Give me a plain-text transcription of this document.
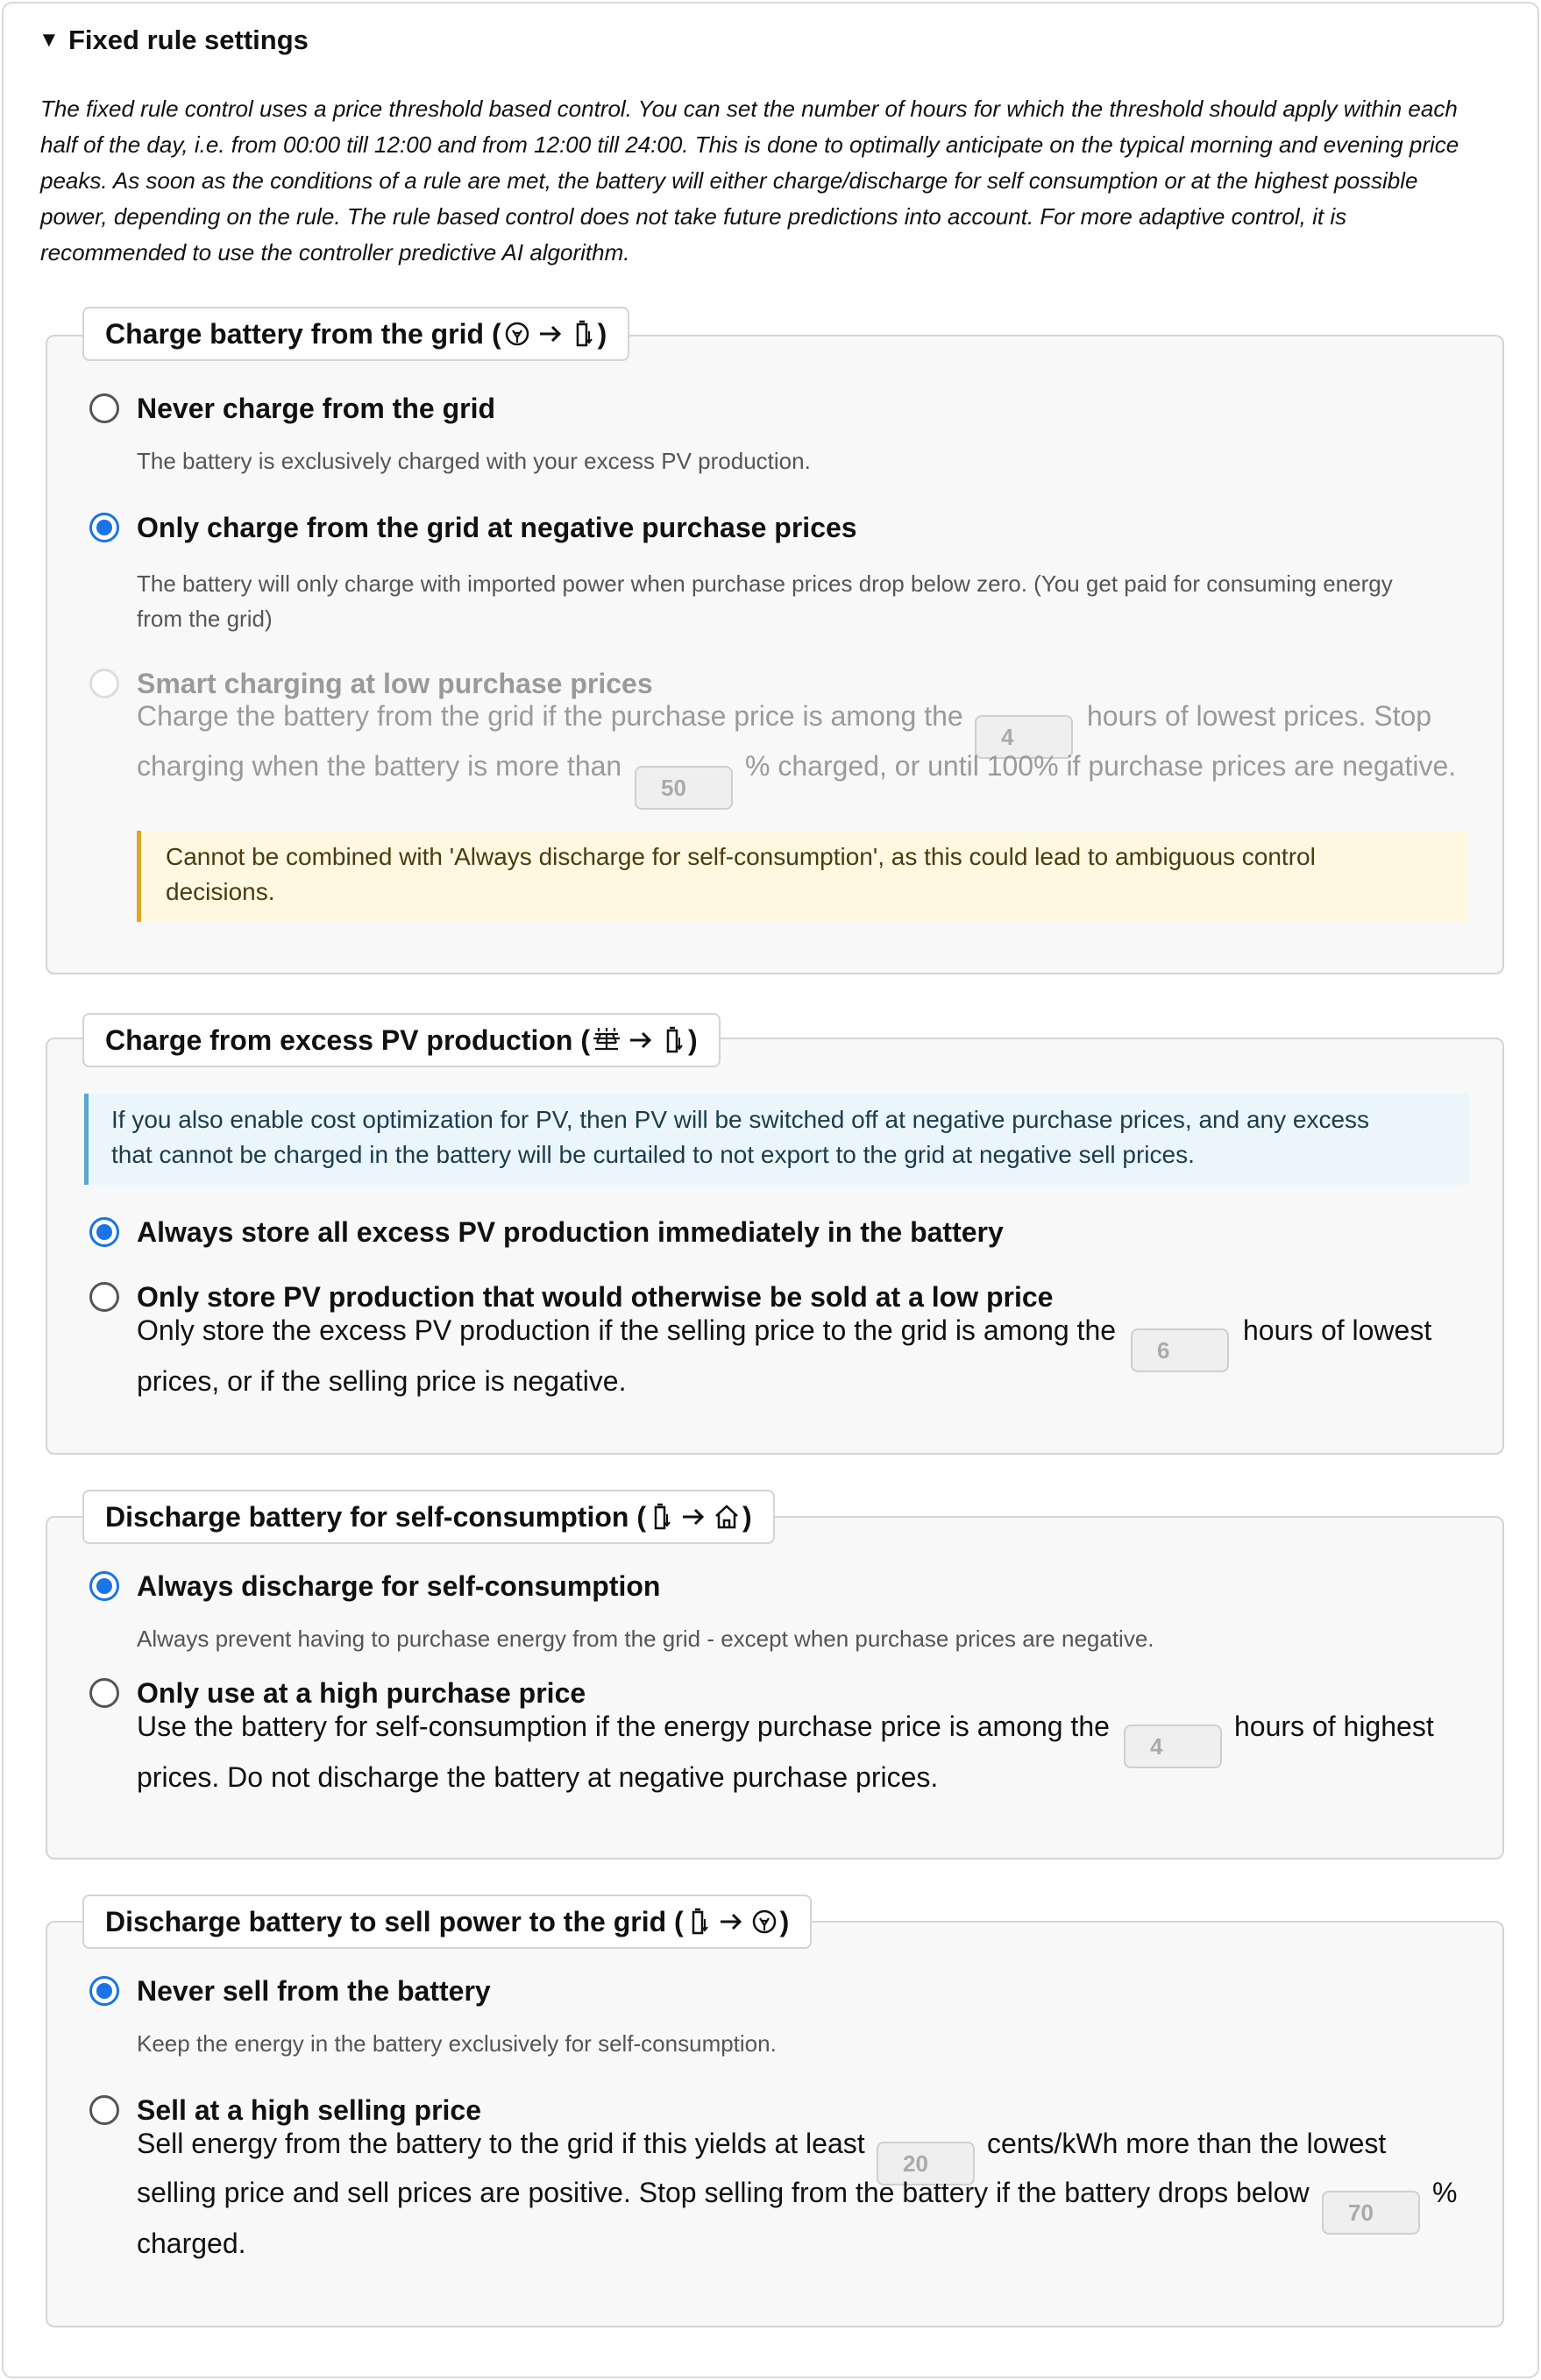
▼ Fixed rule settings

The fixed rule control uses a price threshold based control. You can set the number of hours for which the threshold should apply within each half of the day, i.e. from 00:00 till 12:00 and from 12:00 till 24:00. This is done to optimally anticipate on the typical morning and evening price peaks. As soon as the conditions of a rule are met, the battery will either charge/discharge for self consumption or at the highest possible power, depending on the rule. The rule based control does not take future predictions into account. For more adaptive control, it is recommended to use the controller predictive AI algorithm.

Charge battery from the grid (	)
Never charge from the grid
The battery is exclusively charged with your excess PV production.
Only charge from the grid at negative purchase prices
The battery will only charge with imported power when purchase prices drop below zero. (You get paid for consuming energy
from the grid)
Smart charging at low purchase prices
Charge the battery from the grid if the purchase price is among the
4	hours of lowest prices. Stop
charging when the battery is more than
50	% charged, or until 100% if purchase prices are negative.
Cannot be combined with 'Always discharge for self-consumption', as this could lead to ambiguous control
decisions.
Charge from excess PV production (	)
If you also enable cost optimization for PV, then PV will be switched off at negative purchase prices, and any excess
that cannot be charged in the battery will be curtailed to not export to the grid at negative sell prices.
Always store all excess PV production immediately in the battery
Only store PV production that would otherwise be sold at a low price
Only store the excess PV production if the selling price to the grid is among the
6	hours of lowest
prices, or if the selling price is negative.
Discharge battery for self-consumption (	)
Always discharge for self-consumption
Always prevent having to purchase energy from the grid - except when purchase prices are negative.
Only use at a high purchase price
Use the battery for self-consumption if the energy purchase price is among the
4	hours of highest
prices. Do not discharge the battery at negative purchase prices.
Discharge battery to sell power to the grid (	)
Never sell from the battery
Keep the energy in the battery exclusively for self-consumption.
Sell at a high selling price
Sell energy from the battery to the grid if this yields at least
20	cents/kWh more than the lowest
selling price and sell prices are positive. Stop selling from the battery if the battery drops below
70	%
charged.
